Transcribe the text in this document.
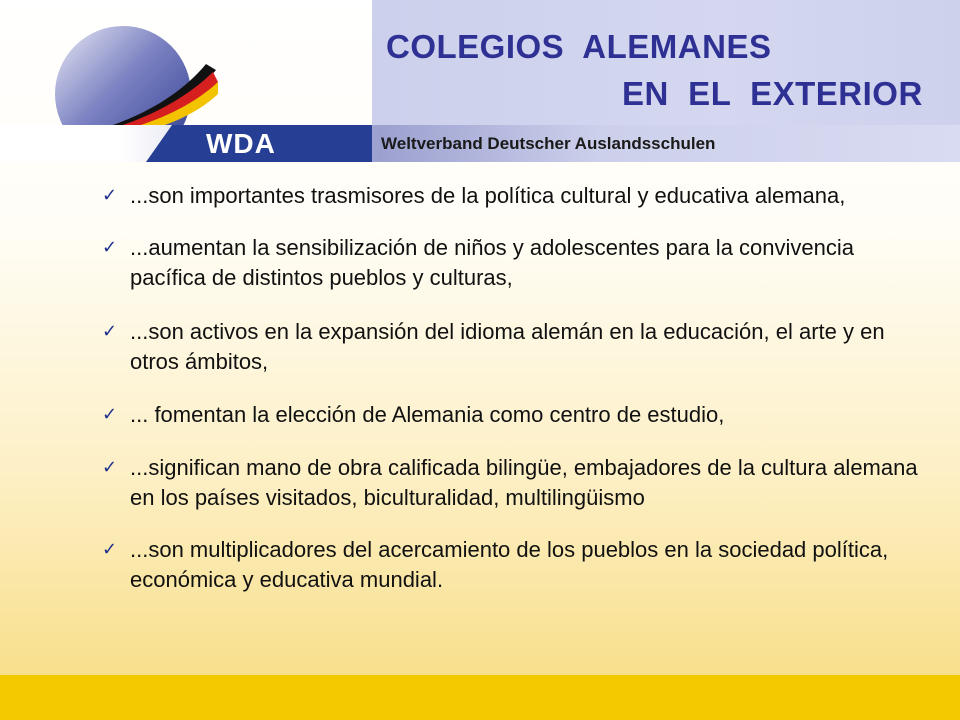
COLEGIOS  ALEMANES
EN  EL  EXTERIOR
WDA	Weltverband Deutscher Auslandsschulen
✓ ...son importantes trasmisores de la política cultural y educativa alemana,
✓ ...aumentan la sensibilización de niños y adolescentes para la convivencia pacífica de distintos pueblos y culturas,
✓ ...son activos en la expansión del idioma alemán en la educación, el arte y en otros ámbitos,
✓ ... fomentan la elección de Alemania como centro de estudio,
✓ ...significan mano de obra calificada bilingüe, embajadores de la cultura alemana en los países visitados, biculturalidad, multilingüismo
✓ ...son multiplicadores del acercamiento de los pueblos en la sociedad política, económica y educativa mundial.
